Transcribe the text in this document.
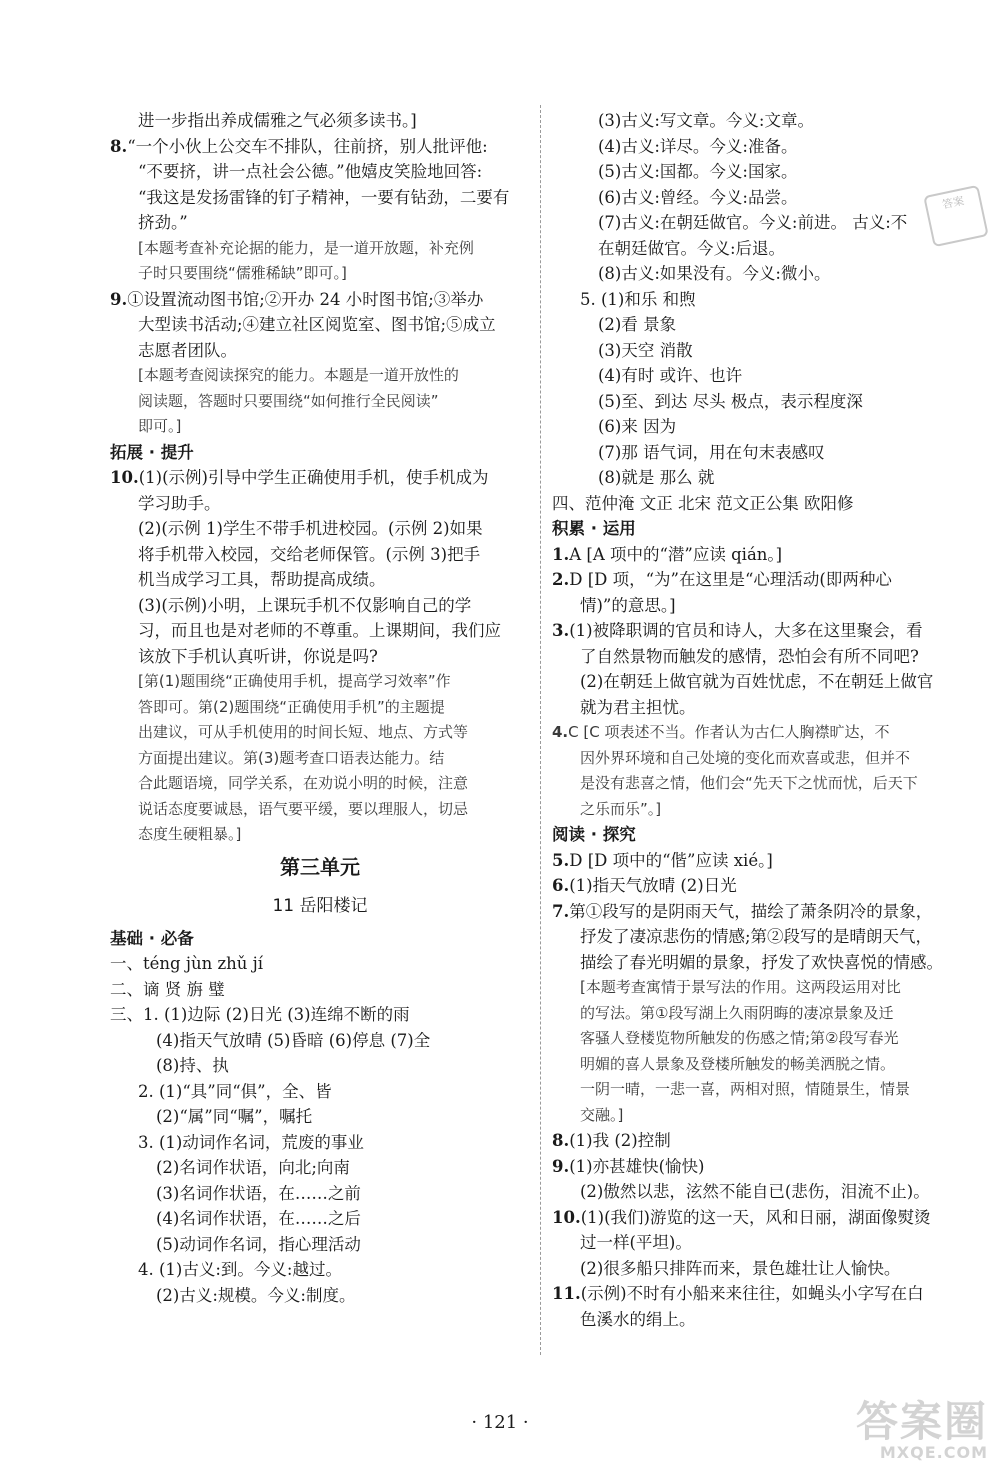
进一步指出养成儒雅之气必须多读书。]
8.“一个小伙上公交车不排队，往前挤，别人批评他:
“不要挤，讲一点社会公德。”他嬉皮笑脸地回答:
“我这是发扬雷锋的钉子精神，一要有钻劲，二要有
挤劲。”
[本题考查补充论据的能力，是一道开放题，补充例
子时只要围绕“儒雅稀缺”即可。]
9.①设置流动图书馆;②开办 24 小时图书馆;③举办
大型读书活动;④建立社区阅览室、图书馆;⑤成立
志愿者团队。
[本题考查阅读探究的能力。本题是一道开放性的
阅读题，答题时只要围绕“如何推行全民阅读”
即可。]
拓展 · 提升
10.(1)(示例)引导中学生正确使用手机，使手机成为
学习助手。
(2)(示例 1)学生不带手机进校园。(示例 2)如果
将手机带入校园，交给老师保管。(示例 3)把手
机当成学习工具，帮助提高成绩。
(3)(示例)小明，上课玩手机不仅影响自己的学
习，而且也是对老师的不尊重。上课期间，我们应
该放下手机认真听讲，你说是吗?
[第(1)题围绕“正确使用手机，提高学习效率”作
答即可。第(2)题围绕“正确使用手机”的主题提
出建议，可从手机使用的时间长短、地点、方式等
方面提出建议。第(3)题考查口语表达能力。结
合此题语境，同学关系，在劝说小明的时候，注意
说话态度要诚恳，语气要平缓，要以理服人，切忌
态度生硬粗暴。]
第三单元
11 岳阳楼记
基础 · 必备
一、téng jùn zhǔ jí
二、谪 贤 旃 璧
三、1. (1)边际 (2)日光 (3)连绵不断的雨
(4)指天气放晴 (5)昏暗 (6)停息 (7)全
(8)持、执
2. (1)“具”同“俱”，全、皆
(2)“属”同“嘱”，嘱托
3. (1)动词作名词，荒废的事业
(2)名词作状语，向北;向南
(3)名词作状语，在……之前
(4)名词作状语，在……之后
(5)动词作名词，指心理活动
4. (1)古义:到。今义:越过。
(2)古义:规模。今义:制度。
(3)古义:写文章。今义:文章。
(4)古义:详尽。今义:准备。
(5)古义:国都。今义:国家。
(6)古义:曾经。今义:品尝。
(7)古义:在朝廷做官。今义:前进。 古义:不
在朝廷做官。今义:后退。
(8)古义:如果没有。今义:微小。
5. (1)和乐 和煦
(2)看 景象
(3)天空 消散
(4)有时 或许、也许
(5)至、到达 尽头 极点，表示程度深
(6)来 因为
(7)那 语气词，用在句末表感叹
(8)就是 那么 就
四、范仲淹 文正 北宋 范文正公集 欧阳修
积累 · 运用
1.A [A 项中的“潜”应读 qián。]
2.D [D 项，“为”在这里是“心理活动(即两种心
情)”的意思。]
3.(1)被降职调的官员和诗人，大多在这里聚会，看
了自然景物而触发的感情，恐怕会有所不同吧?
(2)在朝廷上做官就为百姓忧虑，不在朝廷上做官
就为君主担忧。
4.C [C 项表述不当。作者认为古仁人胸襟旷达，不
因外界环境和自己处境的变化而欢喜或悲，但并不
是没有悲喜之情，他们会“先天下之忧而忧，后天下
之乐而乐”。]
阅读 · 探究
5.D [D 项中的“偕”应读 xié。]
6.(1)指天气放晴 (2)日光
7.第①段写的是阴雨天气，描绘了萧条阴冷的景象，
抒发了凄凉悲伤的情感;第②段写的是晴朗天气，
描绘了春光明媚的景象，抒发了欢快喜悦的情感。
[本题考查寓情于景写法的作用。这两段运用对比
的写法。第①段写湖上久雨阴晦的凄凉景象及迁
客骚人登楼览物所触发的伤感之情;第②段写春光
明媚的喜人景象及登楼所触发的畅美洒脱之情。
一阴一晴，一悲一喜，两相对照，情随景生，情景
交融。]
8.(1)我 (2)控制
9.(1)亦甚雄快(愉快)
(2)傲然以悲，泫然不能自已(悲伤，泪流不止)。
10.(1)(我们)游览的这一天，风和日丽，湖面像熨烫
过一样(平坦)。
(2)很多船只排阵而来，景色雄壮让人愉快。
11.(示例)不时有小船来来往往，如蝇头小字写在白
色溪水的绢上。
答案
· 121 ·	答案圈
MXQE.COM
